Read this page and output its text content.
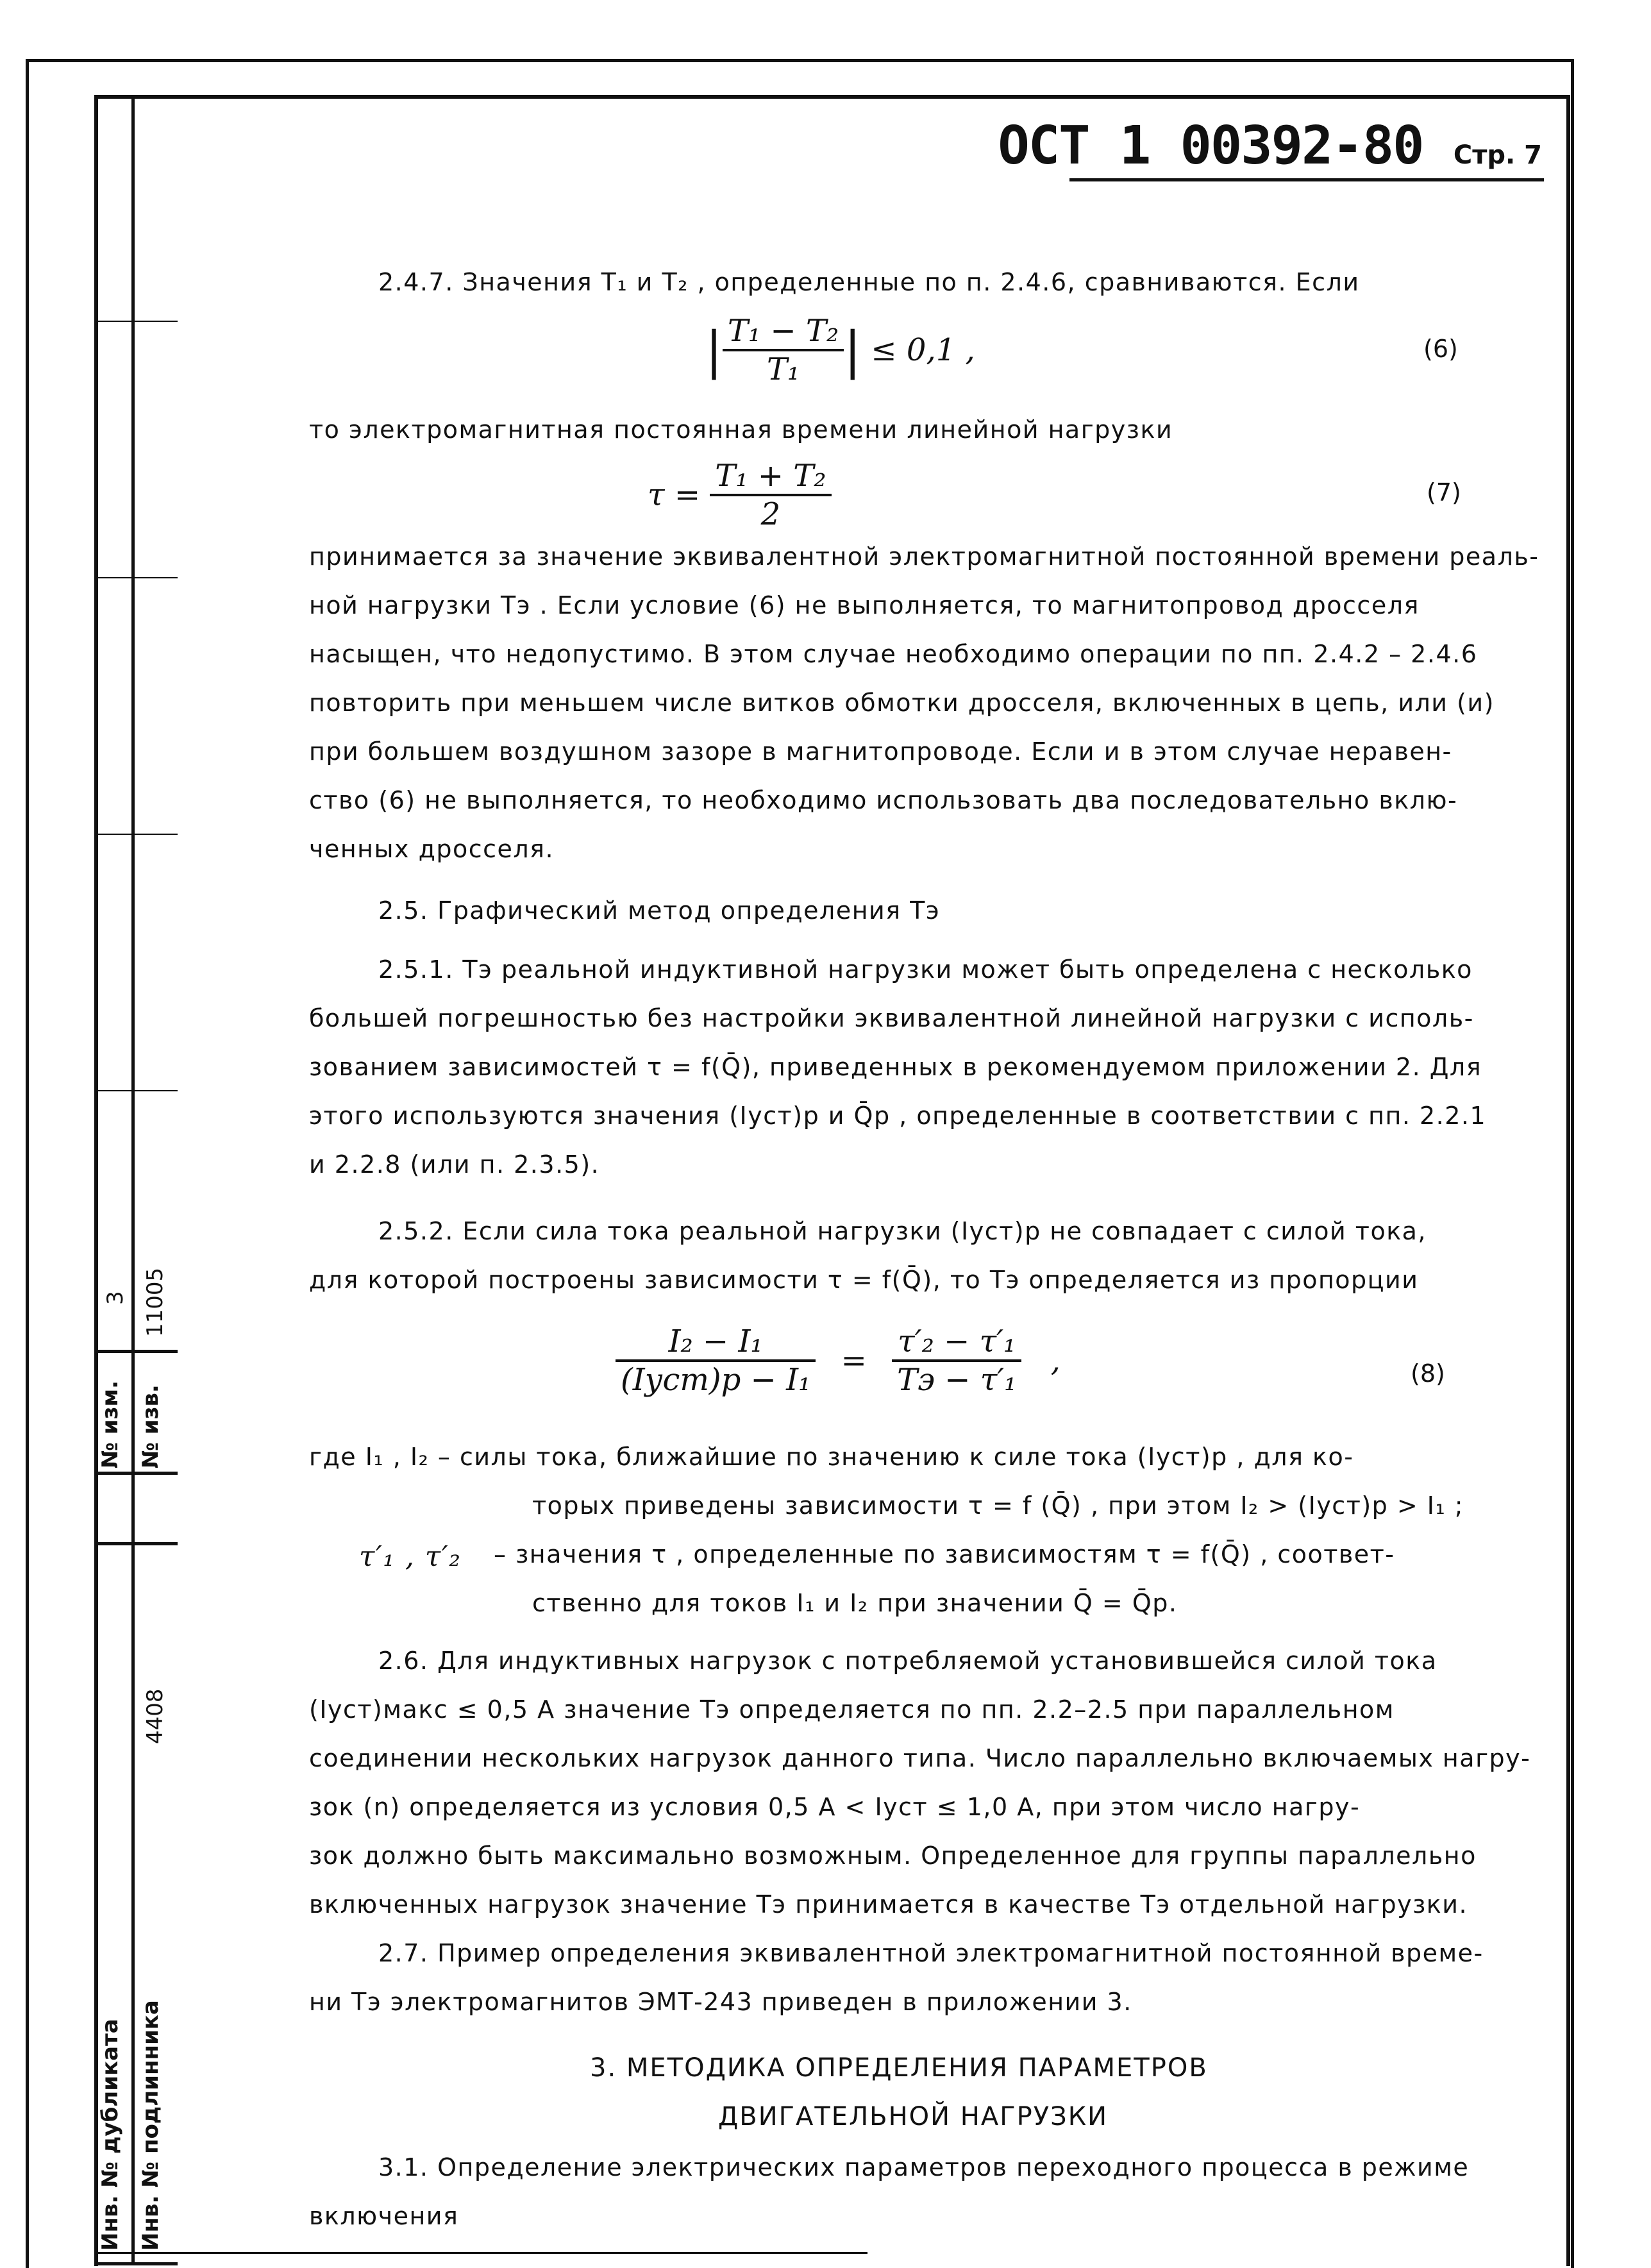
№ изм.
3
№ изв.
11005
Инв. № дубликата Инв. № подлинника
4408
ОСТ 1 00392-80 Стр. 7
2.4.7. Значения T₁ и T₂ , определенные по п. 2.4.6, сравниваются. Если
| $\frac{\text{T₁ − T₂}}{\text{T₁}}$ | ≤ 0,1 ,	(6)
то электромагнитная постоянная времени линейной нагрузки
$\tau = \frac{\text{T₁ + T₂}}{2}$	(7)
принимается за значение эквивалентной электромагнитной постоянной времени реаль-
ной нагрузки Tэ . Если условие (6) не выполняется, то магнитопровод дросселя
насыщен, что недопустимо. В этом случае необходимо операции по пп. 2.4.2 – 2.4.6
повторить при меньшем числе витков обмотки дросселя, включенных в цепь, или (и)
при большем воздушном зазоре в магнитопроводе. Если и в этом случае неравен-
ство (6) не выполняется, то необходимо использовать два последовательно вклю-
ченных дросселя.
2.5. Графический метод определения Tэ
2.5.1. Tэ реальной индуктивной нагрузки может быть определена с несколько
большей погрешностью без настройки эквивалентной линейной нагрузки с исполь-
зованием зависимостей τ = f(Q̄), приведенных в рекомендуемом приложении 2. Для
этого используются значения (Iуст)р и Q̄р , определенные в соответствии с пп. 2.2.1
и 2.2.8 (или п. 2.3.5).
2.5.2. Если сила тока реальной нагрузки (Iуст)р не совпадает с силой тока,
для которой построены зависимости τ = f(Q̄), то Tэ определяется из пропорции
$\frac{\text{I₂ − I₁}}{\text{(Iуст)р − I₁}} = \frac{\text{τ′₂ − τ′₁}}{\text{Tэ − τ′₁}}$ ,	(8)
где I₁ , I₂ – силы тока, ближайшие по значению к силе тока (Iуст)р , для ко-
торых приведены зависимости τ = f (Q̄) , при этом I₂ > (Iуст)р > I₁ ;
τ′₁ , τ′₂ – значения τ , определенные по зависимостям τ = f(Q̄) , соответ-
ственно для токов I₁ и I₂ при значении Q̄ = Q̄р.
2.6. Для индуктивных нагрузок с потребляемой установившейся силой тока
(Iуст)макс ≤ 0,5 А значение Tэ определяется по пп. 2.2–2.5 при параллельном
соединении нескольких нагрузок данного типа. Число параллельно включаемых нагру-
зок (n) определяется из условия 0,5 А < Iуст ≤ 1,0 А, при этом число нагру-
зок должно быть максимально возможным. Определенное для группы параллельно
включенных нагрузок значение Tэ принимается в качестве Tэ отдельной нагрузки.
2.7. Пример определения эквивалентной электромагнитной постоянной време-
ни Tэ электромагнитов ЭМТ-243 приведен в приложении 3.
3. МЕТОДИКА ОПРЕДЕЛЕНИЯ ПАРАМЕТРОВ
ДВИГАТЕЛЬНОЙ НАГРУЗКИ
3.1. Определение электрических параметров переходного процесса в режиме
включения
